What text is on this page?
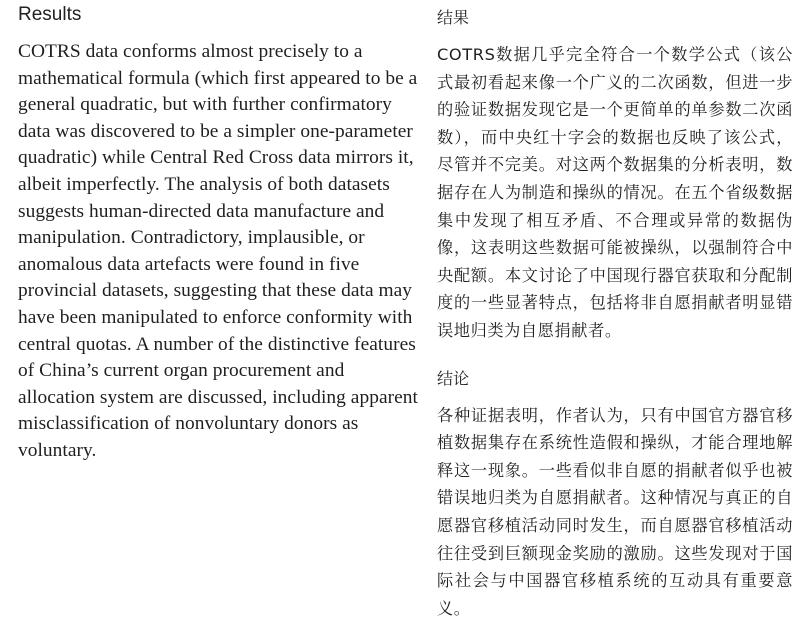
Results

COTRS data conforms almost precisely to a mathematical formula (which first appeared to be a general quadratic, but with further confirmatory data was discovered to be a simpler one-parameter quadratic) while Central Red Cross data mirrors it, albeit imperfectly. The analysis of both datasets suggests human-directed data manufacture and manipulation. Contradictory, implausible, or anomalous data artefacts were found in five provincial datasets, suggesting that these data may have been manipulated to enforce conformity with central quotas. A number of the distinctive features of China’s current organ procurement and allocation system are discussed, including apparent misclassification of nonvoluntary donors as voluntary.

结果

COTRS数据几乎完全符合一个数学公式（该公式最初看起来像一个广义的二次函数，但进一步的验证数据发现它是一个更简单的单参数二次函数），而中央红十字会的数据也反映了该公式，尽管并不完美。对这两个数据集的分析表明，数据存在人为制造和操纵的情况。在五个省级数据集中发现了相互矛盾、不合理或异常的数据伪像，这表明这些数据可能被操纵，以强制符合中央配额。本文讨论了中国现行器官获取和分配制度的一些显著特点，包括将非自愿捐献者明显错误地归类为自愿捐献者。

结论

各种证据表明，作者认为，只有中国官方器官移植数据集存在系统性造假和操纵，才能合理地解释这一现象。一些看似非自愿的捐献者似乎也被错误地归类为自愿捐献者。这种情况与真正的自愿器官移植活动同时发生，而自愿器官移植活动往往受到巨额现金奖励的激励。这些发现对于国际社会与中国器官移植系统的互动具有重要意义。
